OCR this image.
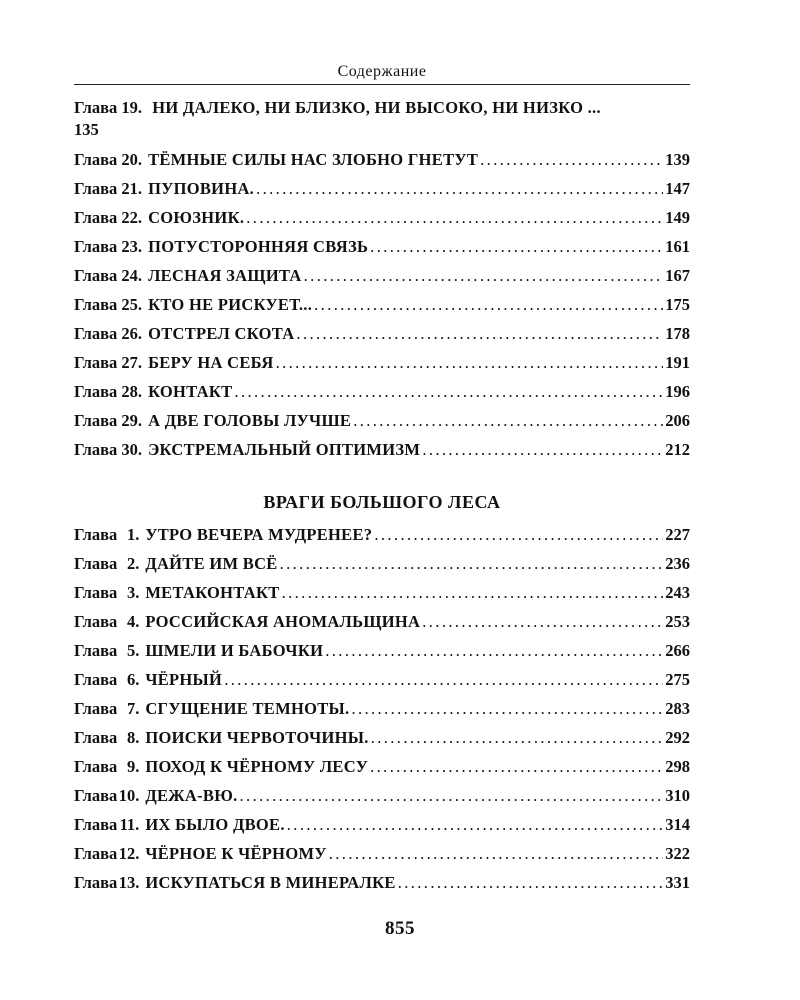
Содержание
Глава 19. НИ ДАЛЕКО, НИ БЛИЗКО, НИ ВЫСОКО, НИ НИЗКО ...
135
Глава 20. ТЁМНЫЕ СИЛЫ НАС ЗЛОБНО ГНЕТУТ .....	139
Глава 21. ПУПОВИНА. .....	147
Глава 22. СОЮЗНИК. .....	149
Глава 23. ПОТУСТОРОННЯЯ СВЯЗЬ .....	161
Глава 24. ЛЕСНАЯ ЗАЩИТА .....	167
Глава 25. КТО НЕ РИСКУЕТ... .....	175
Глава 26. ОТСТРЕЛ СКОТА .....	178
Глава 27. БЕРУ НА СЕБЯ .....	191
Глава 28. КОНТАКТ .....	196
Глава 29. А ДВЕ ГОЛОВЫ ЛУЧШЕ .....	206
Глава 30. ЭКСТРЕМАЛЬНЫЙ ОПТИМИЗМ .....	212
ВРАГИ БОЛЬШОГО ЛЕСА
Глава 1. УТРО ВЕЧЕРА МУДРЕНЕЕ? .....	227
Глава 2. ДАЙТЕ ИМ ВСЁ .....	236
Глава 3. МЕТАКОНТАКТ .....	243
Глава 4. РОССИЙСКАЯ АНОМАЛЬЩИНА .....	253
Глава 5. ШМЕЛИ И БАБОЧКИ .....	266
Глава 6. ЧЁРНЫЙ .....	275
Глава 7. СГУЩЕНИЕ ТЕМНОТЫ. .....	283
Глава 8. ПОИСКИ ЧЕРВОТОЧИНЫ. .....	292
Глава 9. ПОХОД К ЧЁРНОМУ ЛЕСУ .....	298
Глава 10. ДЕЖА-ВЮ. .....	310
Глава 11. ИХ БЫЛО ДВОЕ. .....	314
Глава 12. ЧЁРНОЕ К ЧЁРНОМУ .....	322
Глава 13. ИСКУПАТЬСЯ В МИНЕРАЛКЕ .....	331
855
